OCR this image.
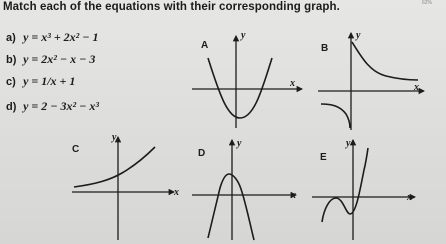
62%
Match each of the equations with their corresponding graph.
a) y = x³ + 2x² − 1
b) y = 2x² − x − 3
c) y = 1/x + 1
d) y = 2 − 3x² − x³
A
y
x
B
y
x
C
y
x
D
y
x
E
y
x
